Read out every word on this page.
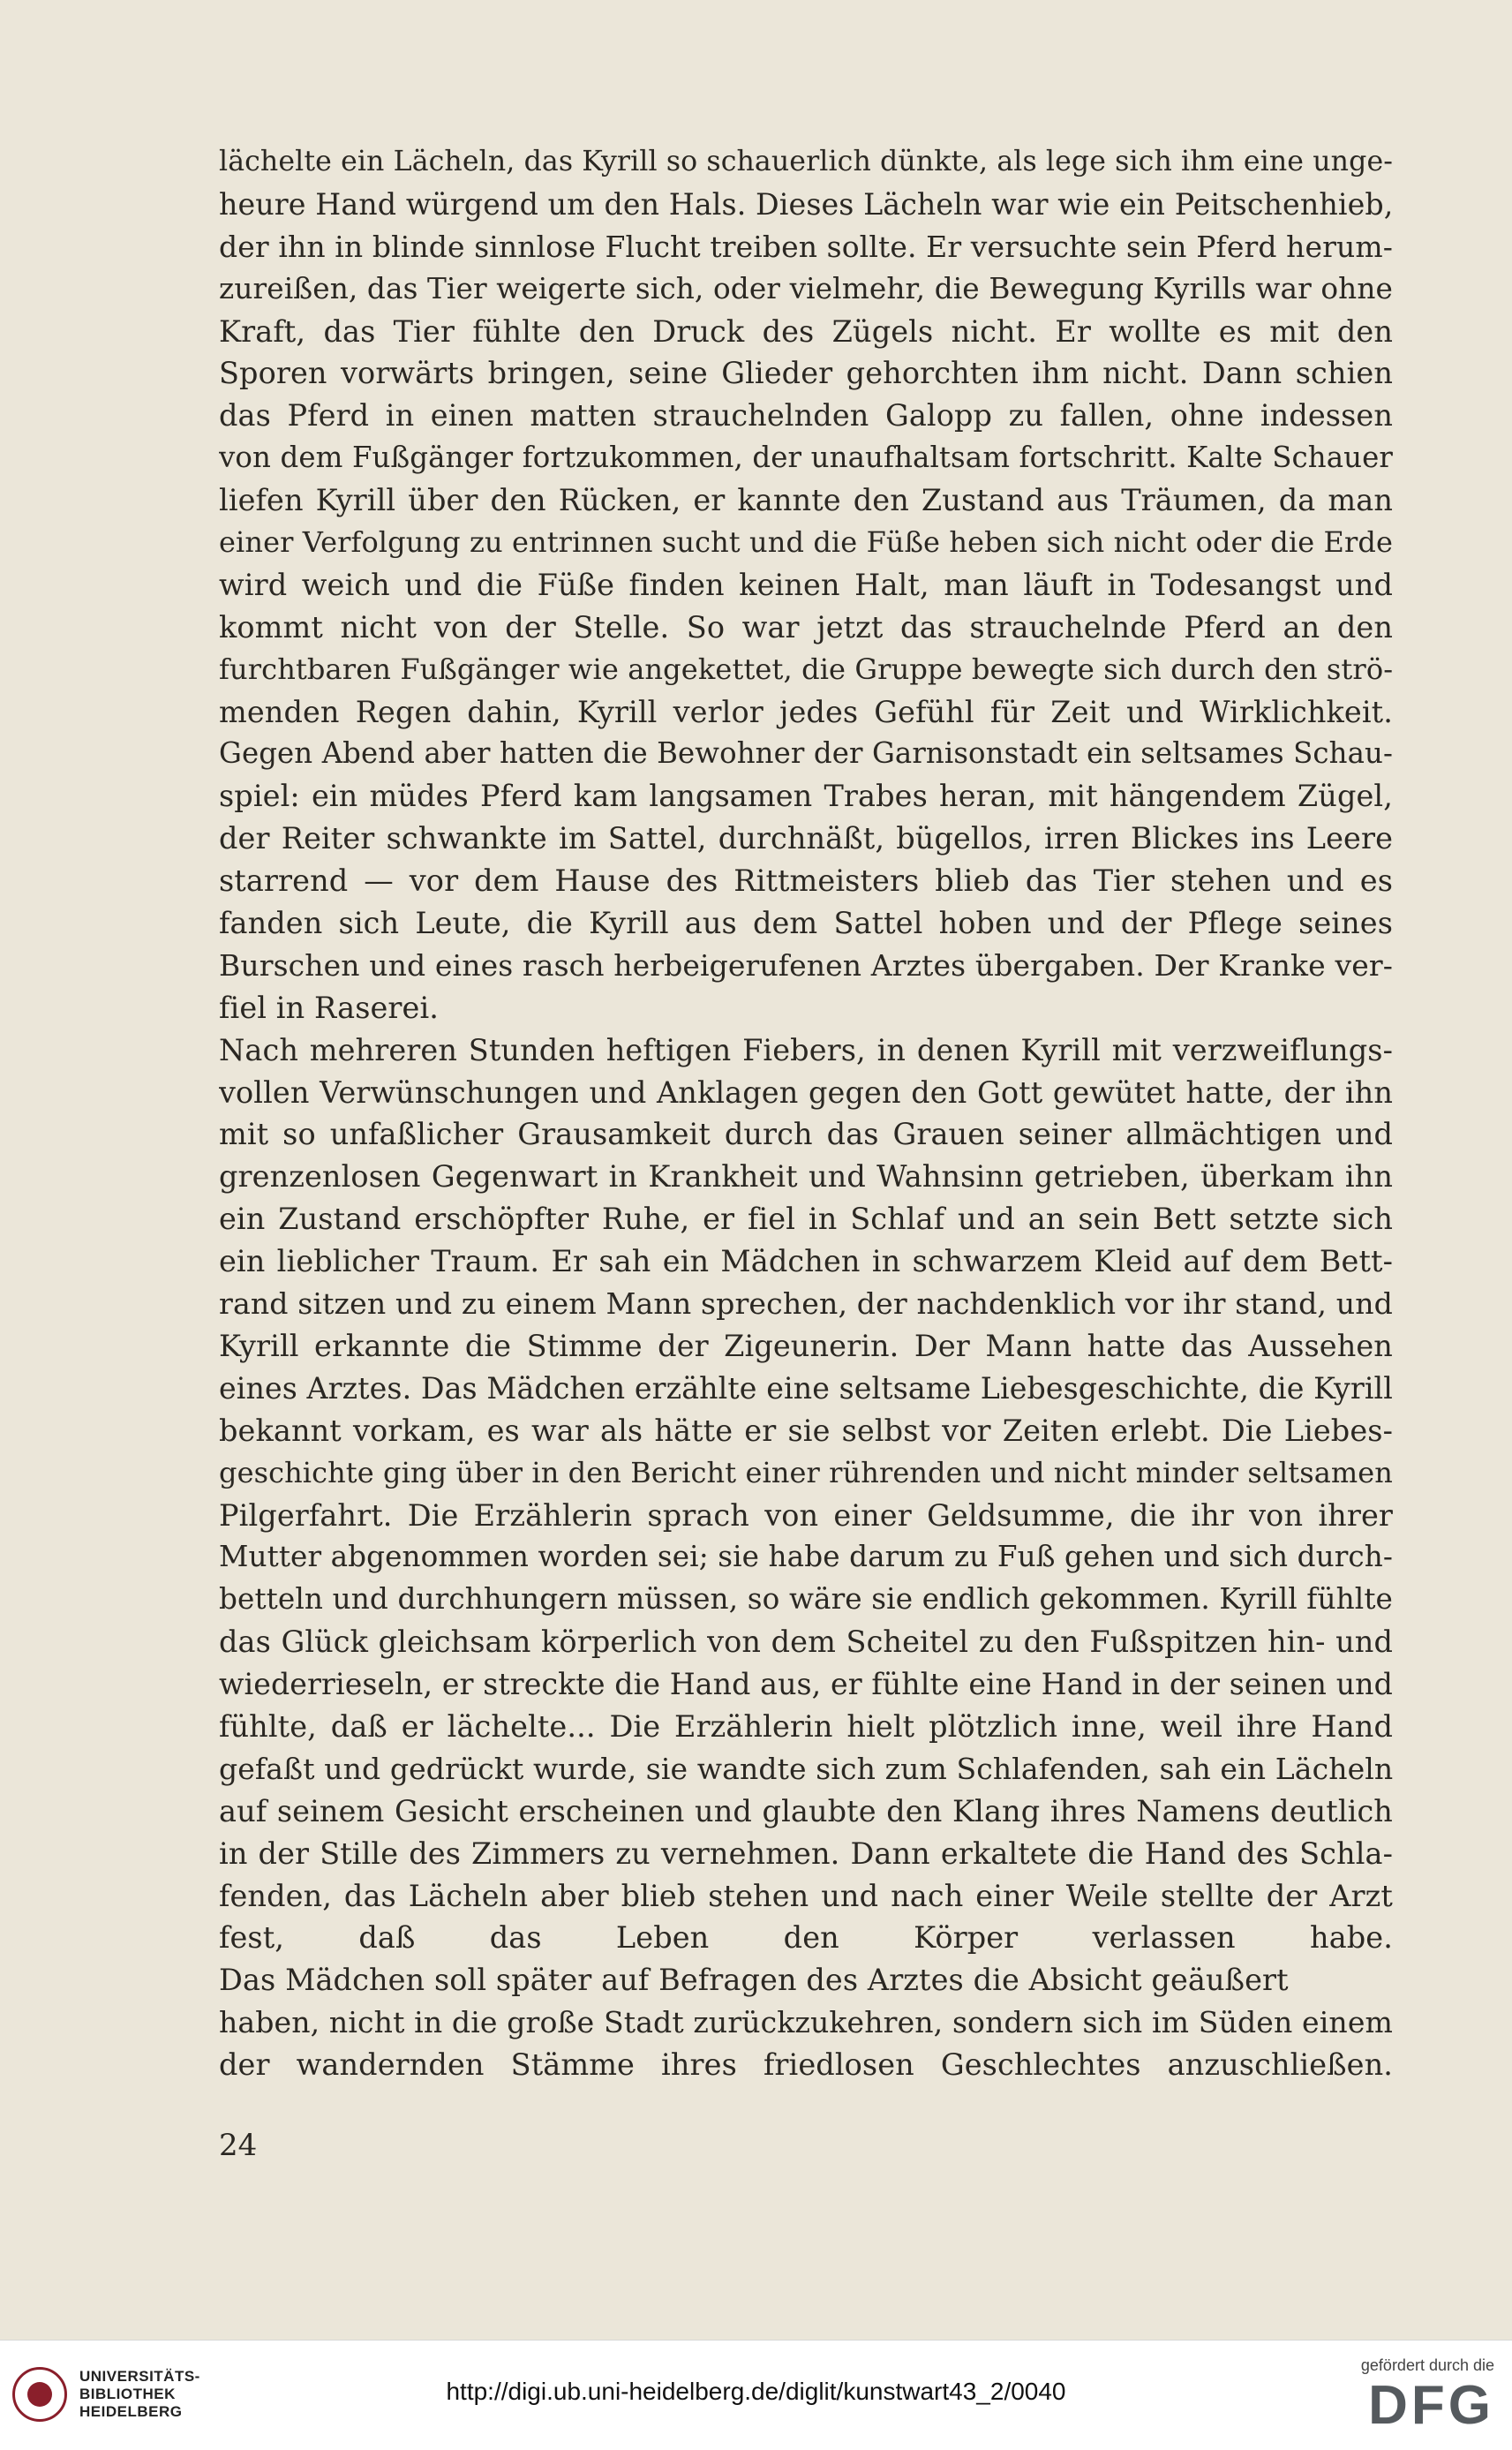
lächelte ein Lächeln, das Kyrill so schauerlich dünkte, als lege sich ihm eine unge-
heure Hand würgend um den Hals. Dieses Lächeln war wie ein Peitschenhieb,
der ihn in blinde sinnlose Flucht treiben sollte. Er versuchte sein Pferd herum-
zureißen, das Tier weigerte sich, oder vielmehr, die Bewegung Kyrills war ohne
Kraft, das Tier fühlte den Druck des Zügels nicht. Er wollte es mit den
Sporen vorwärts bringen, seine Glieder gehorchten ihm nicht. Dann schien
das Pferd in einen matten strauchelnden Galopp zu fallen, ohne indessen
von dem Fußgänger fortzukommen, der unaufhaltsam fortschritt. Kalte Schauer
liefen Kyrill über den Rücken, er kannte den Zustand aus Träumen, da man
einer Verfolgung zu entrinnen sucht und die Füße heben sich nicht oder die Erde
wird weich und die Füße finden keinen Halt, man läuft in Todesangst und
kommt nicht von der Stelle. So war jetzt das strauchelnde Pferd an den
furchtbaren Fußgänger wie angekettet, die Gruppe bewegte sich durch den strö-
menden Regen dahin, Kyrill verlor jedes Gefühl für Zeit und Wirklichkeit.
Gegen Abend aber hatten die Bewohner der Garnisonstadt ein seltsames Schau-
spiel: ein müdes Pferd kam langsamen Trabes heran, mit hängendem Zügel,
der Reiter schwankte im Sattel, durchnäßt, bügellos, irren Blickes ins Leere
starrend — vor dem Hause des Rittmeisters blieb das Tier stehen und es
fanden sich Leute, die Kyrill aus dem Sattel hoben und der Pflege seines
Burschen und eines rasch herbeigerufenen Arztes übergaben. Der Kranke ver-
fiel in Raserei.
Nach mehreren Stunden heftigen Fiebers, in denen Kyrill mit verzweiflungs-
vollen Verwünschungen und Anklagen gegen den Gott gewütet hatte, der ihn
mit so unfaßlicher Grausamkeit durch das Grauen seiner allmächtigen und
grenzenlosen Gegenwart in Krankheit und Wahnsinn getrieben, überkam ihn
ein Zustand erschöpfter Ruhe, er fiel in Schlaf und an sein Bett setzte sich
ein lieblicher Traum. Er sah ein Mädchen in schwarzem Kleid auf dem Bett-
rand sitzen und zu einem Mann sprechen, der nachdenklich vor ihr stand, und
Kyrill erkannte die Stimme der Zigeunerin. Der Mann hatte das Aussehen
eines Arztes. Das Mädchen erzählte eine seltsame Liebesgeschichte, die Kyrill
bekannt vorkam, es war als hätte er sie selbst vor Zeiten erlebt. Die Liebes-
geschichte ging über in den Bericht einer rührenden und nicht minder seltsamen
Pilgerfahrt. Die Erzählerin sprach von einer Geldsumme, die ihr von ihrer
Mutter abgenommen worden sei; sie habe darum zu Fuß gehen und sich durch-
betteln und durchhungern müssen, so wäre sie endlich gekommen. Kyrill fühlte
das Glück gleichsam körperlich von dem Scheitel zu den Fußspitzen hin- und
wiederrieseln, er streckte die Hand aus, er fühlte eine Hand in der seinen und
fühlte, daß er lächelte... Die Erzählerin hielt plötzlich inne, weil ihre Hand
gefaßt und gedrückt wurde, sie wandte sich zum Schlafenden, sah ein Lächeln
auf seinem Gesicht erscheinen und glaubte den Klang ihres Namens deutlich
in der Stille des Zimmers zu vernehmen. Dann erkaltete die Hand des Schla-
fenden, das Lächeln aber blieb stehen und nach einer Weile stellte der Arzt
fest, daß das Leben den Körper verlassen habe.
Das Mädchen soll später auf Befragen des Arztes die Absicht geäußert
haben, nicht in die große Stadt zurückzukehren, sondern sich im Süden einem
der wandernden Stämme ihres friedlosen Geschlechtes anzuschließen.
24
UNIVERSITÄTS-
BIBLIOTHEK
HEIDELBERG
http://digi.ub.uni-heidelberg.de/diglit/kunstwart43_2/0040
gefördert durch die
DFG
